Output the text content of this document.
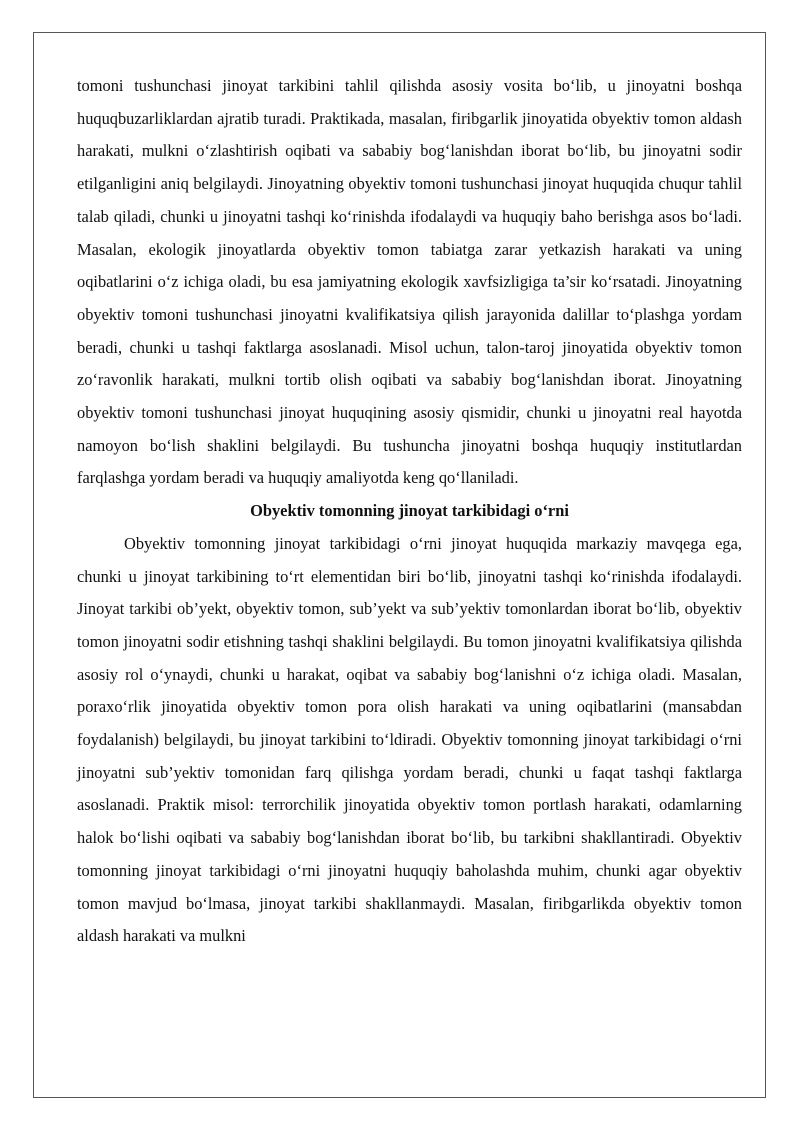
tomoni tushunchasi jinoyat tarkibini tahlil qilishda asosiy vosita bo‘lib, u jinoyatni boshqa huquqbuzarliklardan ajratib turadi. Praktikada, masalan, firibgarlik jinoyatida obyektiv tomon aldash harakati, mulkni o‘zlashtirish oqibati va sababiy bog‘lanishdan iborat bo‘lib, bu jinoyatni sodir etilganligini aniq belgilaydi. Jinoyatning obyektiv tomoni tushunchasi jinoyat huquqida chuqur tahlil talab qiladi, chunki u jinoyatni tashqi ko‘rinishda ifodalaydi va huquqiy baho berishga asos bo‘ladi. Masalan, ekologik jinoyatlarda obyektiv tomon tabiatga zarar yetkazish harakati va uning oqibatlarini o‘z ichiga oladi, bu esa jamiyatning ekologik xavfsizligiga ta’sir ko‘rsatadi. Jinoyatning obyektiv tomoni tushunchasi jinoyatni kvalifikatsiya qilish jarayonida dalillar to‘plashga yordam beradi, chunki u tashqi faktlarga asoslanadi. Misol uchun, talon-taroj jinoyatida obyektiv tomon zo‘ravonlik harakati, mulkni tortib olish oqibati va sababiy bog‘lanishdan iborat. Jinoyatning obyektiv tomoni tushunchasi jinoyat huquqining asosiy qismidir, chunki u jinoyatni real hayotda namoyon bo‘lish shaklini belgilaydi. Bu tushuncha jinoyatni boshqa huquqiy institutlardan farqlashga yordam beradi va huquqiy amaliyotda keng qo‘llaniladi.

Obyektiv tomonning jinoyat tarkibidagi o‘rni

Obyektiv tomonning jinoyat tarkibidagi o‘rni jinoyat huquqida markaziy mavqega ega, chunki u jinoyat tarkibining to‘rt elementidan biri bo‘lib, jinoyatni tashqi ko‘rinishda ifodalaydi. Jinoyat tarkibi ob’yekt, obyektiv tomon, sub’yekt va sub’yektiv tomonlardan iborat bo‘lib, obyektiv tomon jinoyatni sodir etishning tashqi shaklini belgilaydi. Bu tomon jinoyatni kvalifikatsiya qilishda asosiy rol o‘ynaydi, chunki u harakat, oqibat va sababiy bog‘lanishni o‘z ichiga oladi. Masalan, poraxo‘rlik jinoyatida obyektiv tomon pora olish harakati va uning oqibatlarini (mansabdan foydalanish) belgilaydi, bu jinoyat tarkibini to‘ldiradi. Obyektiv tomonning jinoyat tarkibidagi o‘rni jinoyatni sub’yektiv tomonidan farq qilishga yordam beradi, chunki u faqat tashqi faktlarga asoslanadi. Praktik misol: terrorchilik jinoyatida obyektiv tomon portlash harakati, odamlarning halok bo‘lishi oqibati va sababiy bog‘lanishdan iborat bo‘lib, bu tarkibni shakllantiradi. Obyektiv tomonning jinoyat tarkibidagi o‘rni jinoyatni huquqiy baholashda muhim, chunki agar obyektiv tomon mavjud bo‘lmasa, jinoyat tarkibi shakllanmaydi. Masalan, firibgarlikda obyektiv tomon aldash harakati va mulkni
